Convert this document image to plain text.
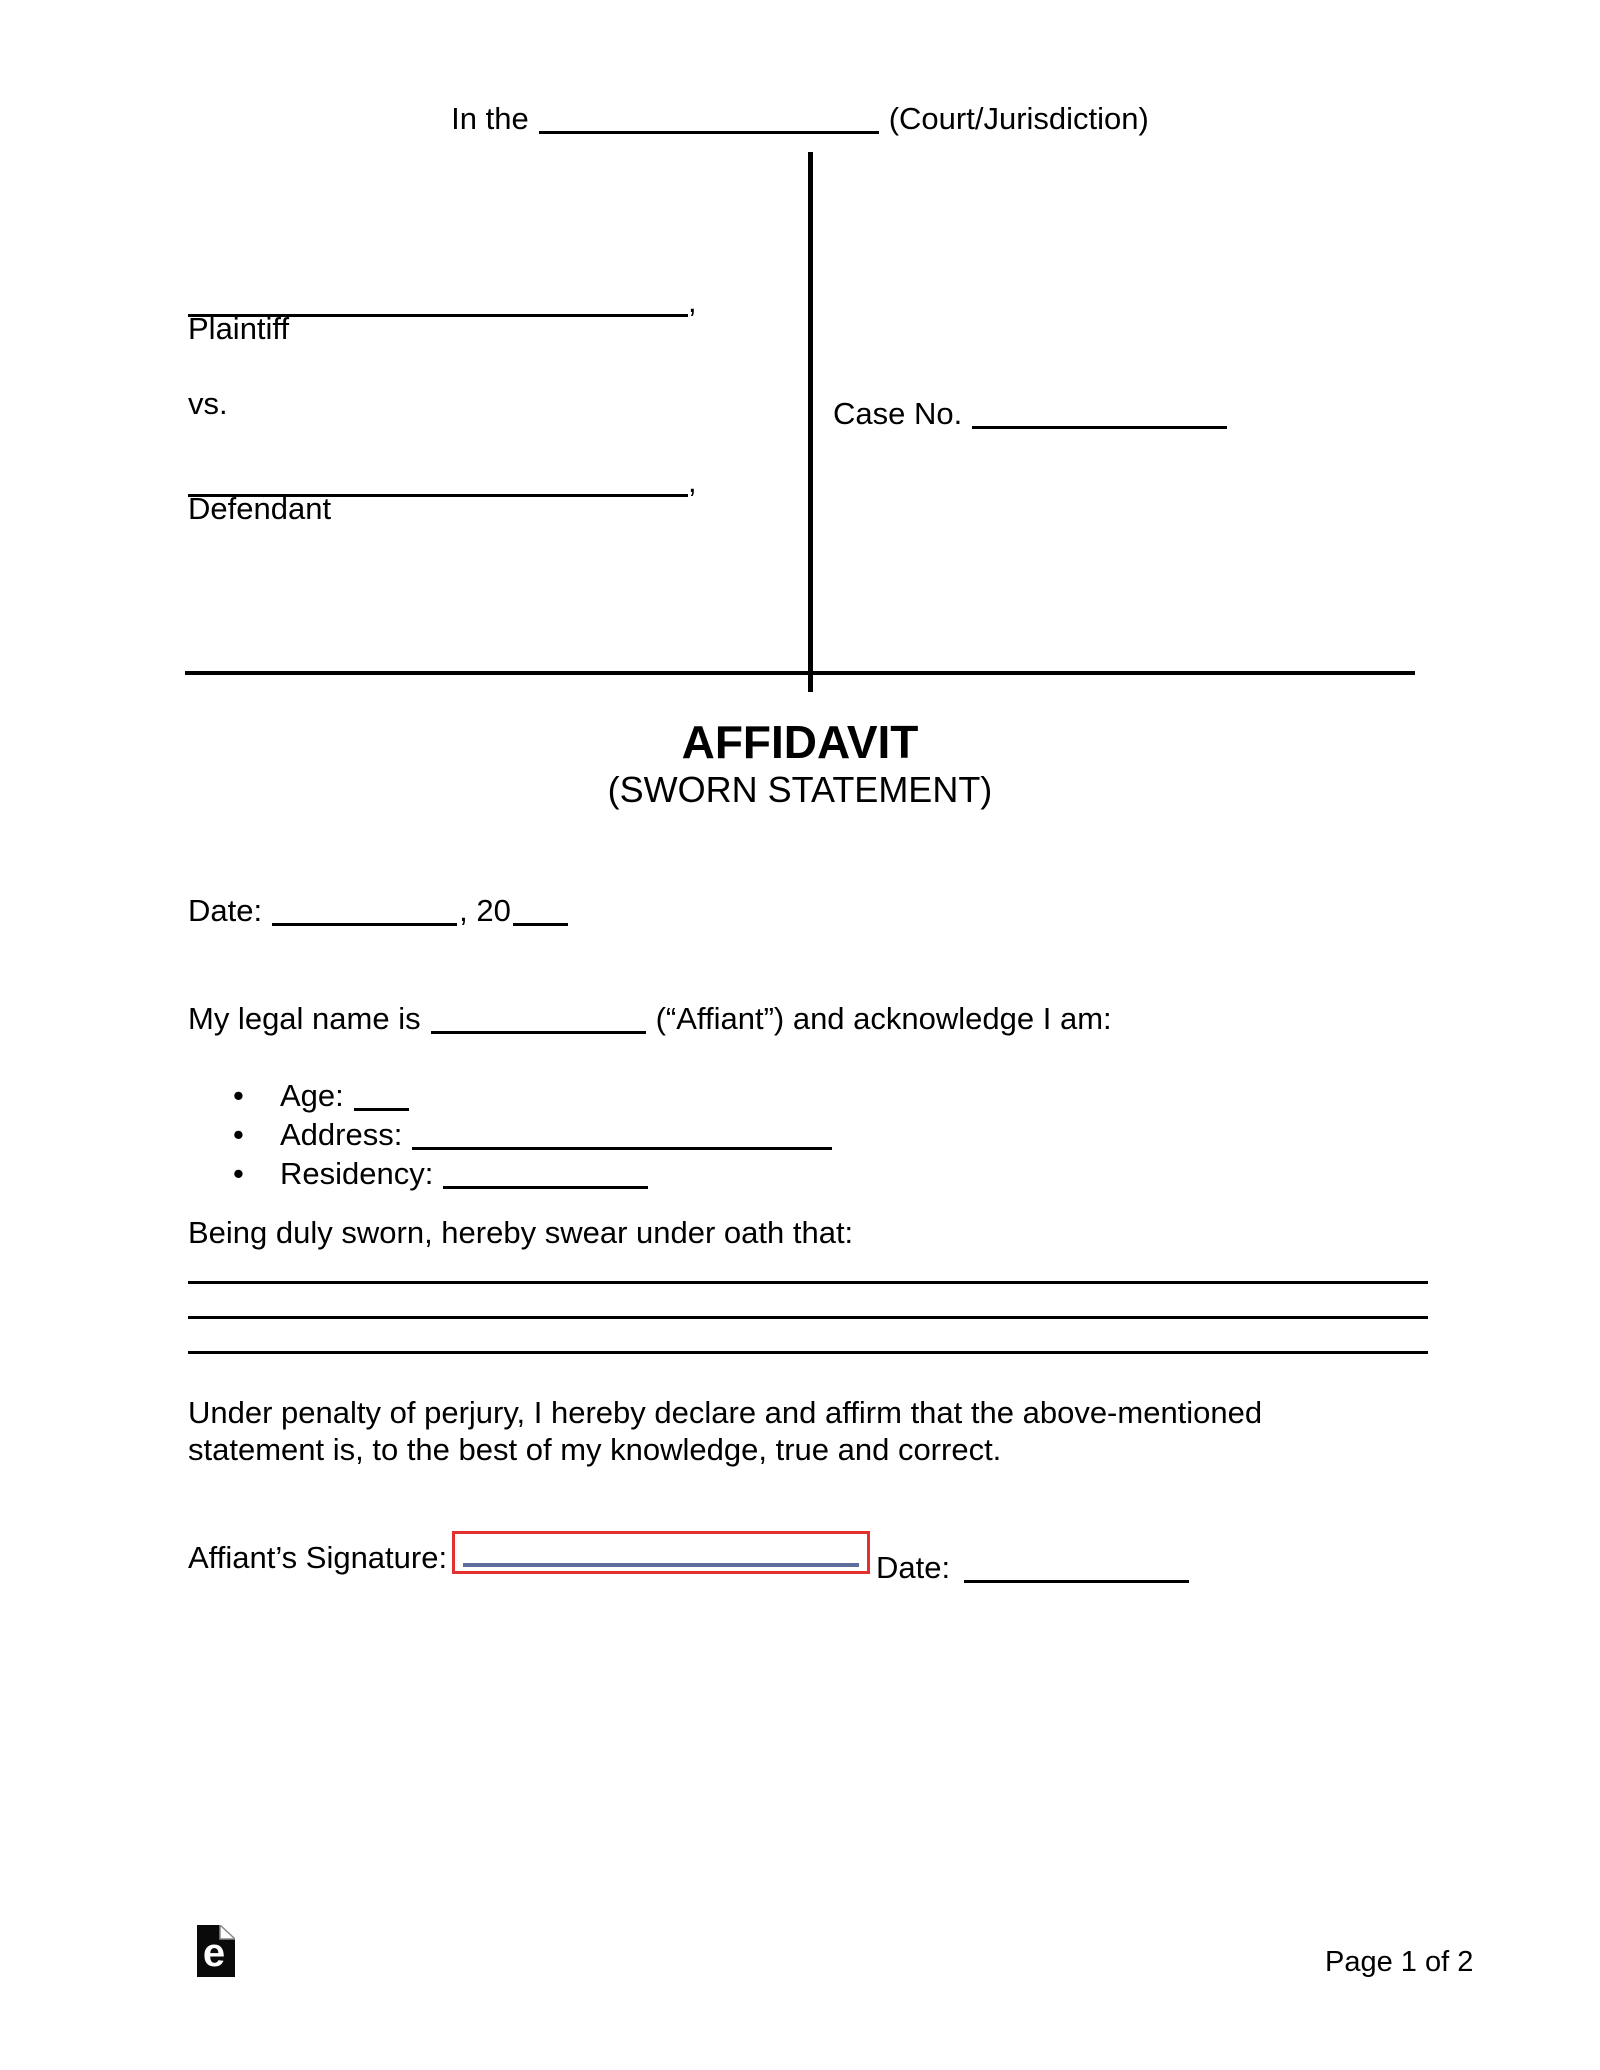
In the	(Court/Jurisdiction)
,
Plaintiff
vs.
,
Defendant
Case No.
AFFIDAVIT
(SWORN STATEMENT)
Date:	, 20
My legal name is	(“Affiant”) and acknowledge I am:
• Age:
• Address:
• Residency:
Being duly sworn, hereby swear under oath that:
Under penalty of perjury, I hereby declare and affirm that the above-mentioned
statement is, to the best of my knowledge, true and correct.
Affiant’s Signature:	Date:
e	Page 1 of 2
